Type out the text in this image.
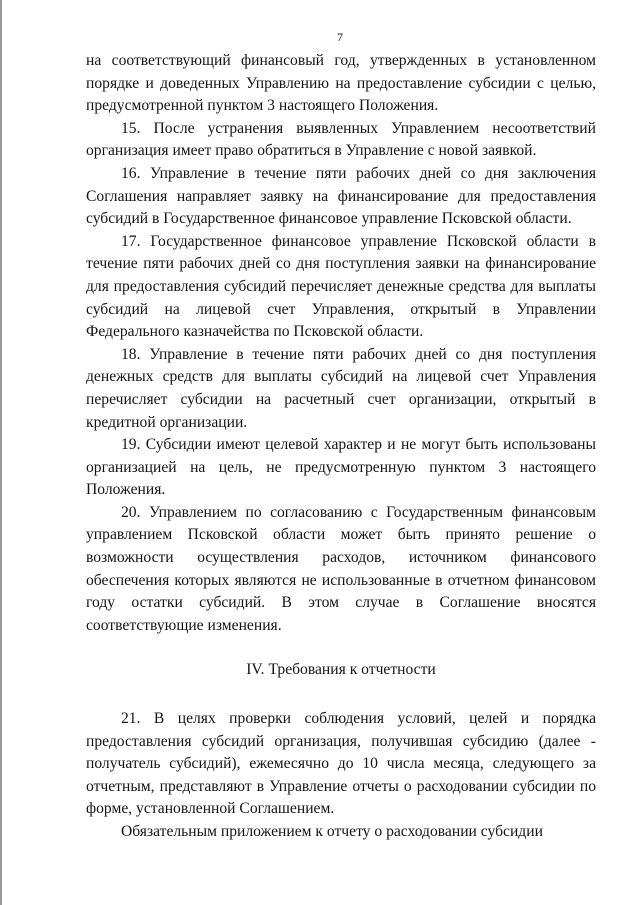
7

на соответствующий финансовый год, утвержденных в установленном порядке и доведенных Управлению на предоставление субсидии с целью, предусмотренной пунктом 3 настоящего Положения.

15. После устранения выявленных Управлением несоответствий организация имеет право обратиться в Управление с новой заявкой.

16. Управление в течение пяти рабочих дней со дня заключения Соглашения направляет заявку на финансирование для предоставления субсидий в Государственное финансовое управление Псковской области.

17. Государственное финансовое управление Псковской области в течение пяти рабочих дней со дня поступления заявки на финансирование для предоставления субсидий перечисляет денежные средства для выплаты субсидий на лицевой счет Управления, открытый в Управлении Федерального казначейства по Псковской области.

18. Управление в течение пяти рабочих дней со дня поступления денежных средств для выплаты субсидий на лицевой счет Управления перечисляет субсидии на расчетный счет организации, открытый в кредитной организации.

19. Субсидии имеют целевой характер и не могут быть использованы организацией на цель, не предусмотренную пунктом 3 настоящего Положения.

20. Управлением по согласованию с Государственным финансовым управлением Псковской области может быть принято решение о возможности осуществления расходов, источником финансового обеспечения которых являются не использованные в отчетном финансовом году остатки субсидий. В этом случае в Соглашение вносятся соответствующие изменения.

IV. Требования к отчетности

21. В целях проверки соблюдения условий, целей и порядка предоставления субсидий организация, получившая субсидию (далее - получатель субсидий), ежемесячно до 10 числа месяца, следующего за отчетным, представляют в Управление отчеты о расходовании субсидии по форме, установленной Соглашением.

Обязательным приложением к отчету о расходовании субсидии
